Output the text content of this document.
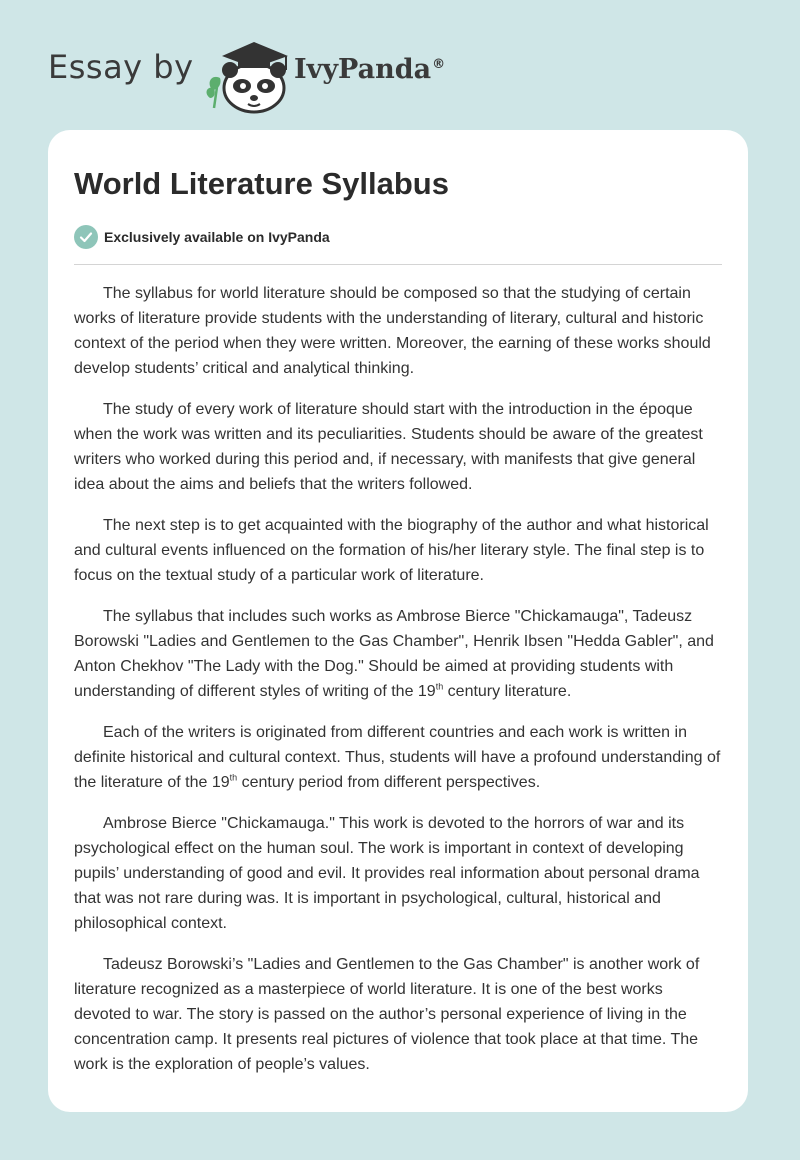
Essay by	IvyPanda®
World Literature Syllabus
Exclusively available on IvyPanda

The syllabus for world literature should be composed so that the studying of certain works of literature provide students with the understanding of literary, cultural and historic context of the period when they were written. Moreover, the earning of these works should develop students’ critical and analytical thinking.

The study of every work of literature should start with the introduction in the époque when the work was written and its peculiarities. Students should be aware of the greatest writers who worked during this period and, if necessary, with manifests that give general idea about the aims and beliefs that the writers followed.

The next step is to get acquainted with the biography of the author and what historical and cultural events influenced on the formation of his/her literary style. The final step is to focus on the textual study of a particular work of literature.

The syllabus that includes such works as Ambrose Bierce "Chickamauga", Tadeusz Borowski "Ladies and Gentlemen to the Gas Chamber", Henrik Ibsen "Hedda Gabler", and Anton Chekhov "The Lady with the Dog." Should be aimed at providing students with understanding of different styles of writing of the 19th century literature.

Each of the writers is originated from different countries and each work is written in definite historical and cultural context. Thus, students will have a profound understanding of the literature of the 19th century period from different perspectives.

Ambrose Bierce "Chickamauga." This work is devoted to the horrors of war and its psychological effect on the human soul. The work is important in context of developing pupils’ understanding of good and evil. It provides real information about personal drama that was not rare during was. It is important in psychological, cultural, historical and philosophical context.

Tadeusz Borowski’s "Ladies and Gentlemen to the Gas Chamber" is another work of literature recognized as a masterpiece of world literature. It is one of the best works devoted to war. The story is passed on the author’s personal experience of living in the concentration camp. It presents real pictures of violence that took place at that time. The work is the exploration of people’s values.
